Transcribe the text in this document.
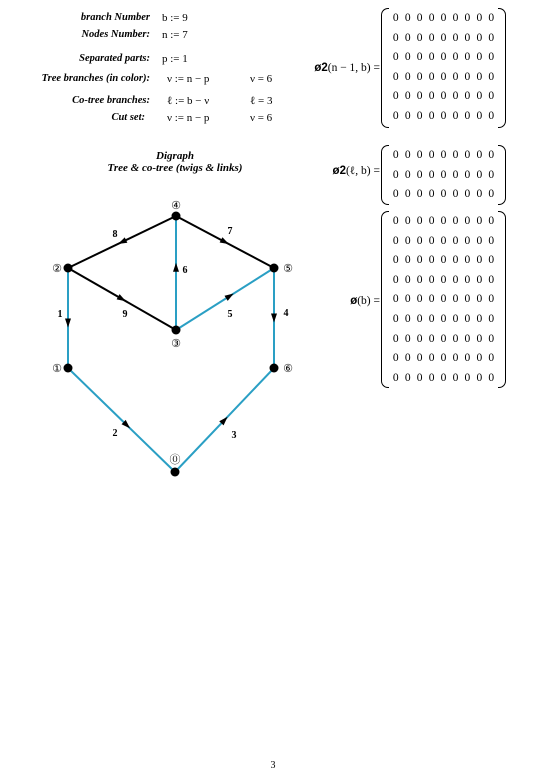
branch Number b := 9
Nodes Number: n := 7
Separated parts: p := 1
Tree branches (in color): ν := n − p	ν = 6
Co-tree branches: ℓ := b − ν	ℓ = 3
Cut set: ν := n − p	ν = 6
Digraph
Tree & co-tree (twigs & links)
1
2	3
4
5
6
7
8
9
⓪
①
②
③
④
⑤
⑥
ø2(n − 1, b) =
0 0 0 0 0 0 0 0 0
0 0 0 0 0 0 0 0 0
0 0 0 0 0 0 0 0 0
0 0 0 0 0 0 0 0 0
0 0 0 0 0 0 0 0 0
0 0 0 0 0 0 0 0 0
ø2(ℓ, b) =
0 0 0 0 0 0 0 0 0
0 0 0 0 0 0 0 0 0
0 0 0 0 0 0 0 0 0
ø(b) =
0 0 0 0 0 0 0 0 0
0 0 0 0 0 0 0 0 0
0 0 0 0 0 0 0 0 0
0 0 0 0 0 0 0 0 0
0 0 0 0 0 0 0 0 0
0 0 0 0 0 0 0 0 0
0 0 0 0 0 0 0 0 0
0 0 0 0 0 0 0 0 0
0 0 0 0 0 0 0 0 0
3
